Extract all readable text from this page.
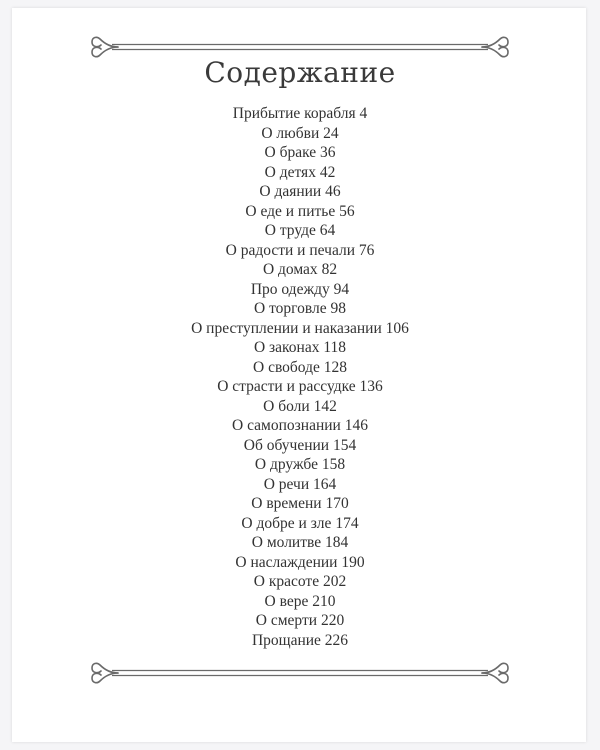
Содержание
Прибытие корабля 4
О любви 24
О браке 36
О детях 42
О даянии 46
О еде и питье 56
О труде 64
О радости и печали 76
О домах 82
Про одежду 94
О торговле 98
О преступлении и наказании 106
О законах 118
О свободе 128
О страсти и рассудке 136
О боли 142
О самопознании 146
Об обучении 154
О дружбе 158
О речи 164
О времени 170
О добре и зле 174
О молитве 184
О наслаждении 190
О красоте 202
О вере 210
О смерти 220
Прощание 226
